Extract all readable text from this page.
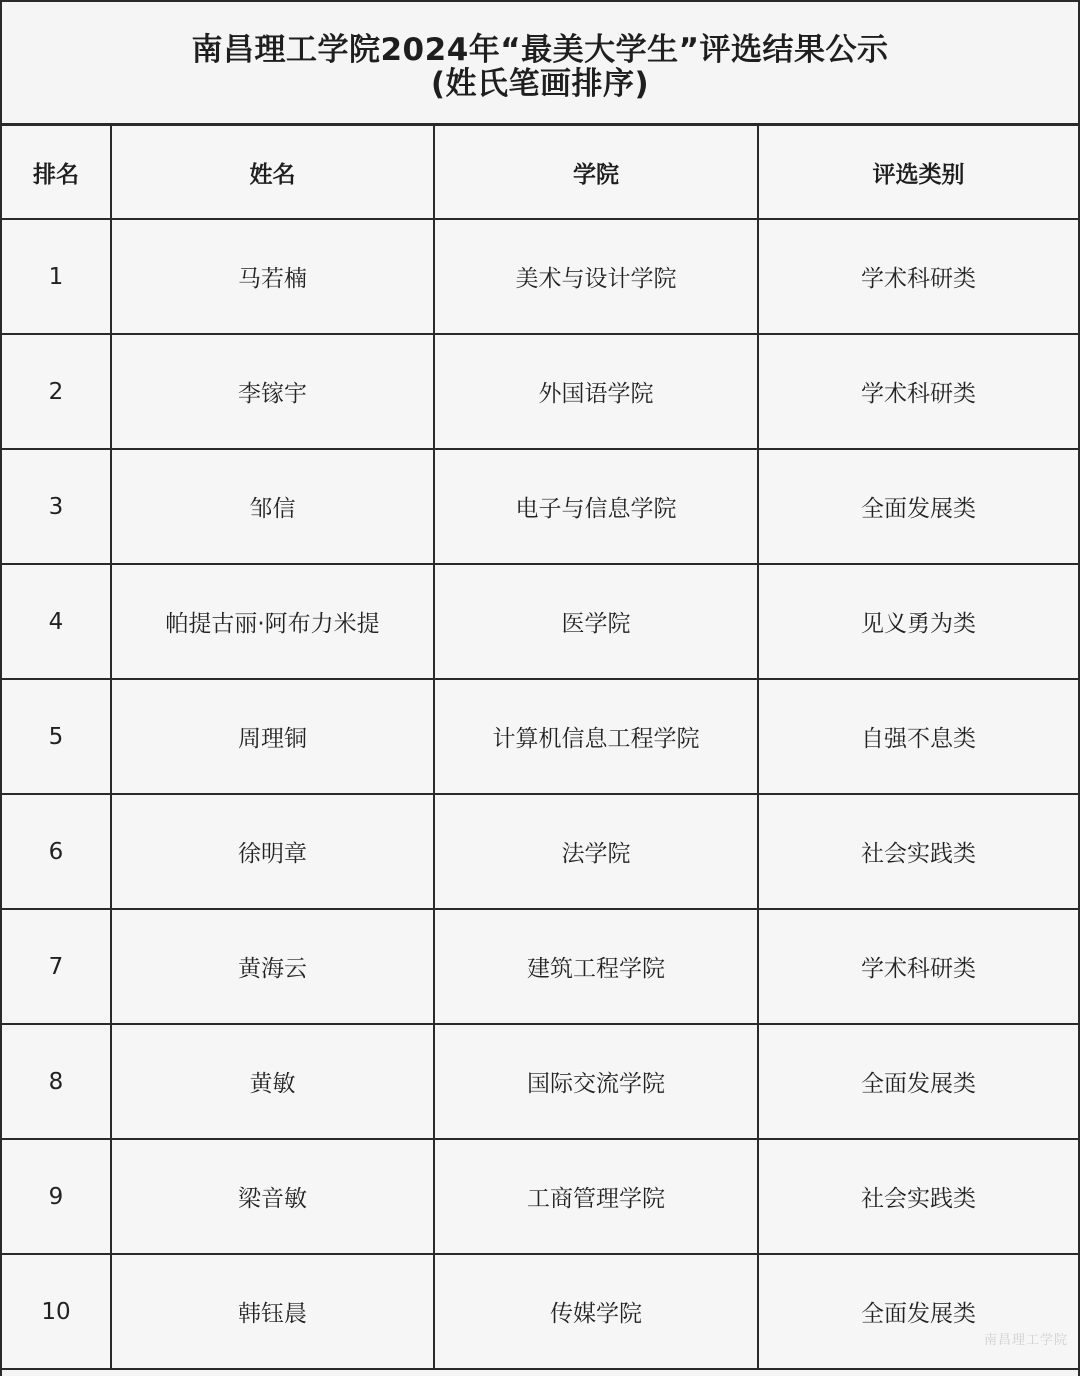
南昌理工学院2024年“最美大学生”评选结果公示
(姓氏笔画排序)
排名	姓名	学院	评选类别
1	马若楠	美术与设计学院	学术科研类
2	李镓宇	外国语学院	学术科研类
3	邹信	电子与信息学院	全面发展类
4	帕提古丽·阿布力米提	医学院	见义勇为类
5	周理铜	计算机信息工程学院	自强不息类
6	徐明章	法学院	社会实践类
7	黄海云	建筑工程学院	学术科研类
8	黄敏	国际交流学院	全面发展类
9	梁音敏	工商管理学院	社会实践类
10	韩钰晨	传媒学院	全面发展类
南昌理工学院
